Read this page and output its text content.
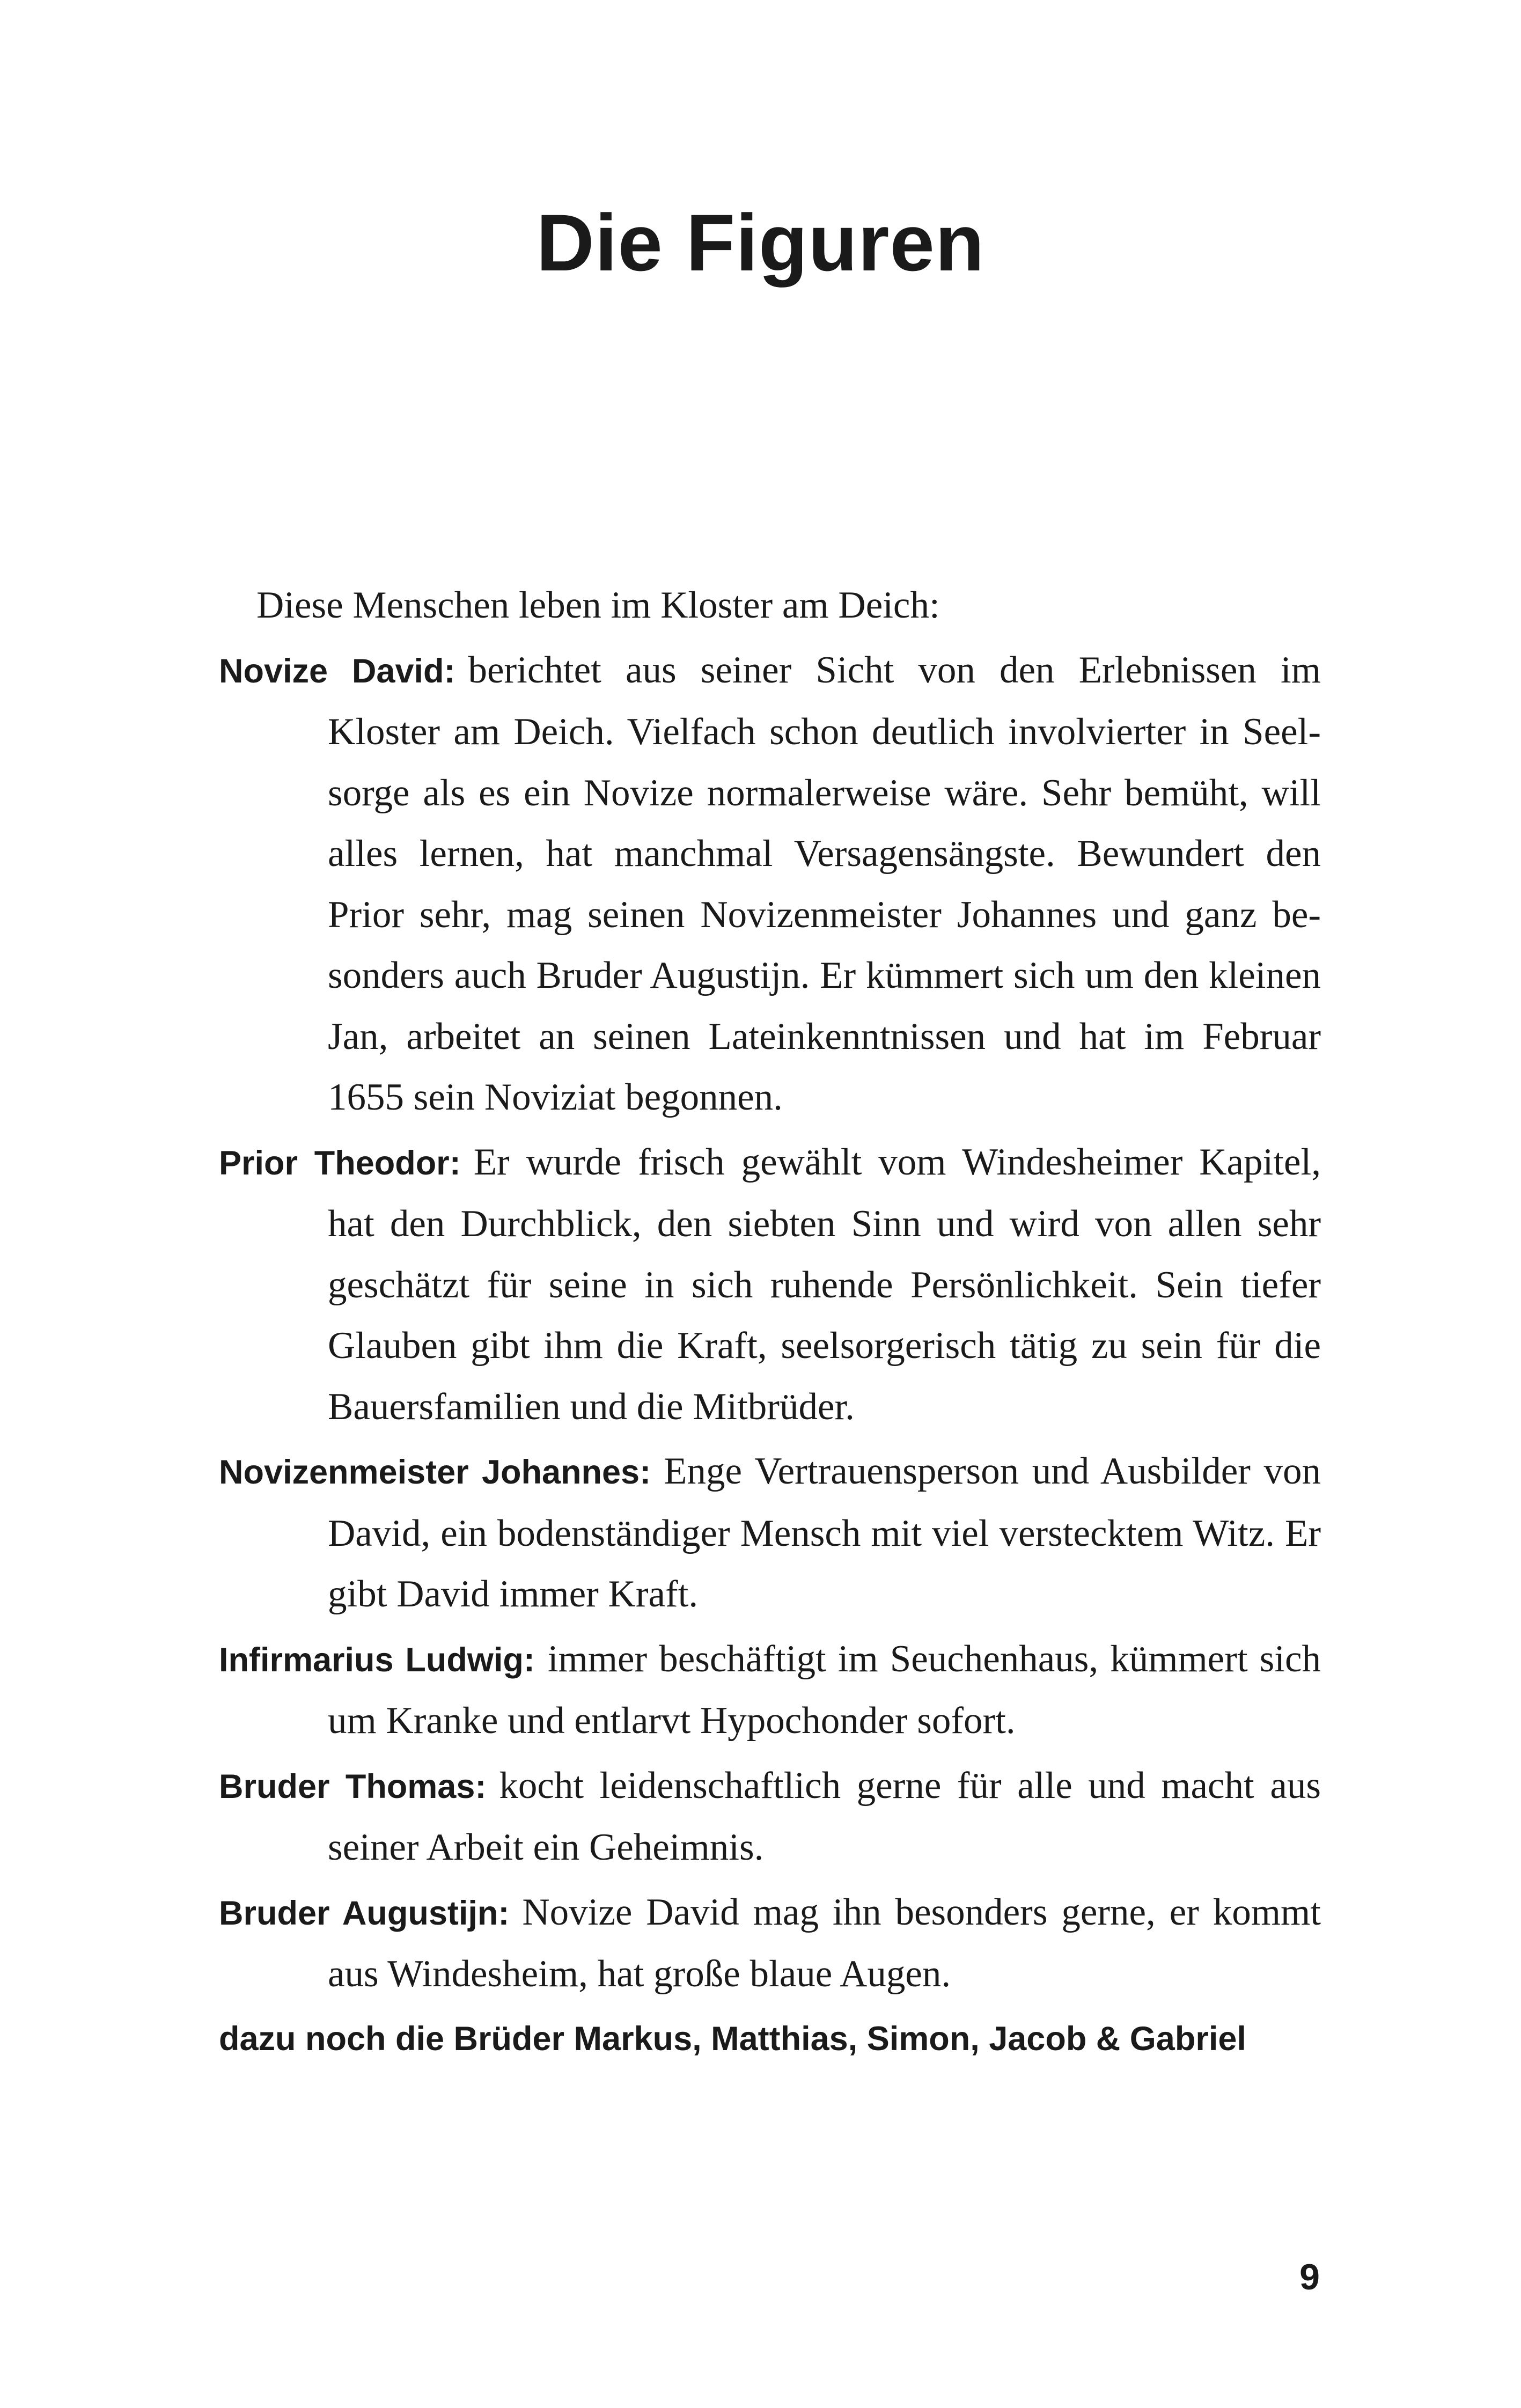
Die Figuren

Diese Menschen leben im Kloster am Deich:

Novize David: berichtet aus seiner Sicht von den Erlebnissen im Kloster am Deich. Vielfach schon deutlich involvierter in Seelsorge als es ein Novize normalerweise wäre. Sehr bemüht, will alles lernen, hat manchmal Versagensängste. Bewundert den Prior sehr, mag seinen Novizenmeister Johannes und ganz besonders auch Bruder Augustijn. Er kümmert sich um den kleinen Jan, arbeitet an seinen Lateinkenntnissen und hat im Februar 1655 sein Noviziat begonnen.

Prior Theodor: Er wurde frisch gewählt vom Windesheimer Kapitel, hat den Durchblick, den siebten Sinn und wird von allen sehr geschätzt für seine in sich ruhende Persönlichkeit. Sein tiefer Glauben gibt ihm die Kraft, seelsorgerisch tätig zu sein für die Bauersfamilien und die Mitbrüder.

Novizenmeister Johannes: Enge Vertrauensperson und Ausbilder von David, ein bodenständiger Mensch mit viel verstecktem Witz. Er gibt David immer Kraft.

Infirmarius Ludwig: immer beschäftigt im Seuchenhaus, kümmert sich um Kranke und entlarvt Hypochonder sofort.

Bruder Thomas: kocht leidenschaftlich gerne für alle und macht aus seiner Arbeit ein Geheimnis.

Bruder Augustijn: Novize David mag ihn besonders gerne, er kommt aus Windesheim, hat große blaue Augen.

dazu noch die Brüder Markus, Matthias, Simon, Jacob & Gabriel

9
